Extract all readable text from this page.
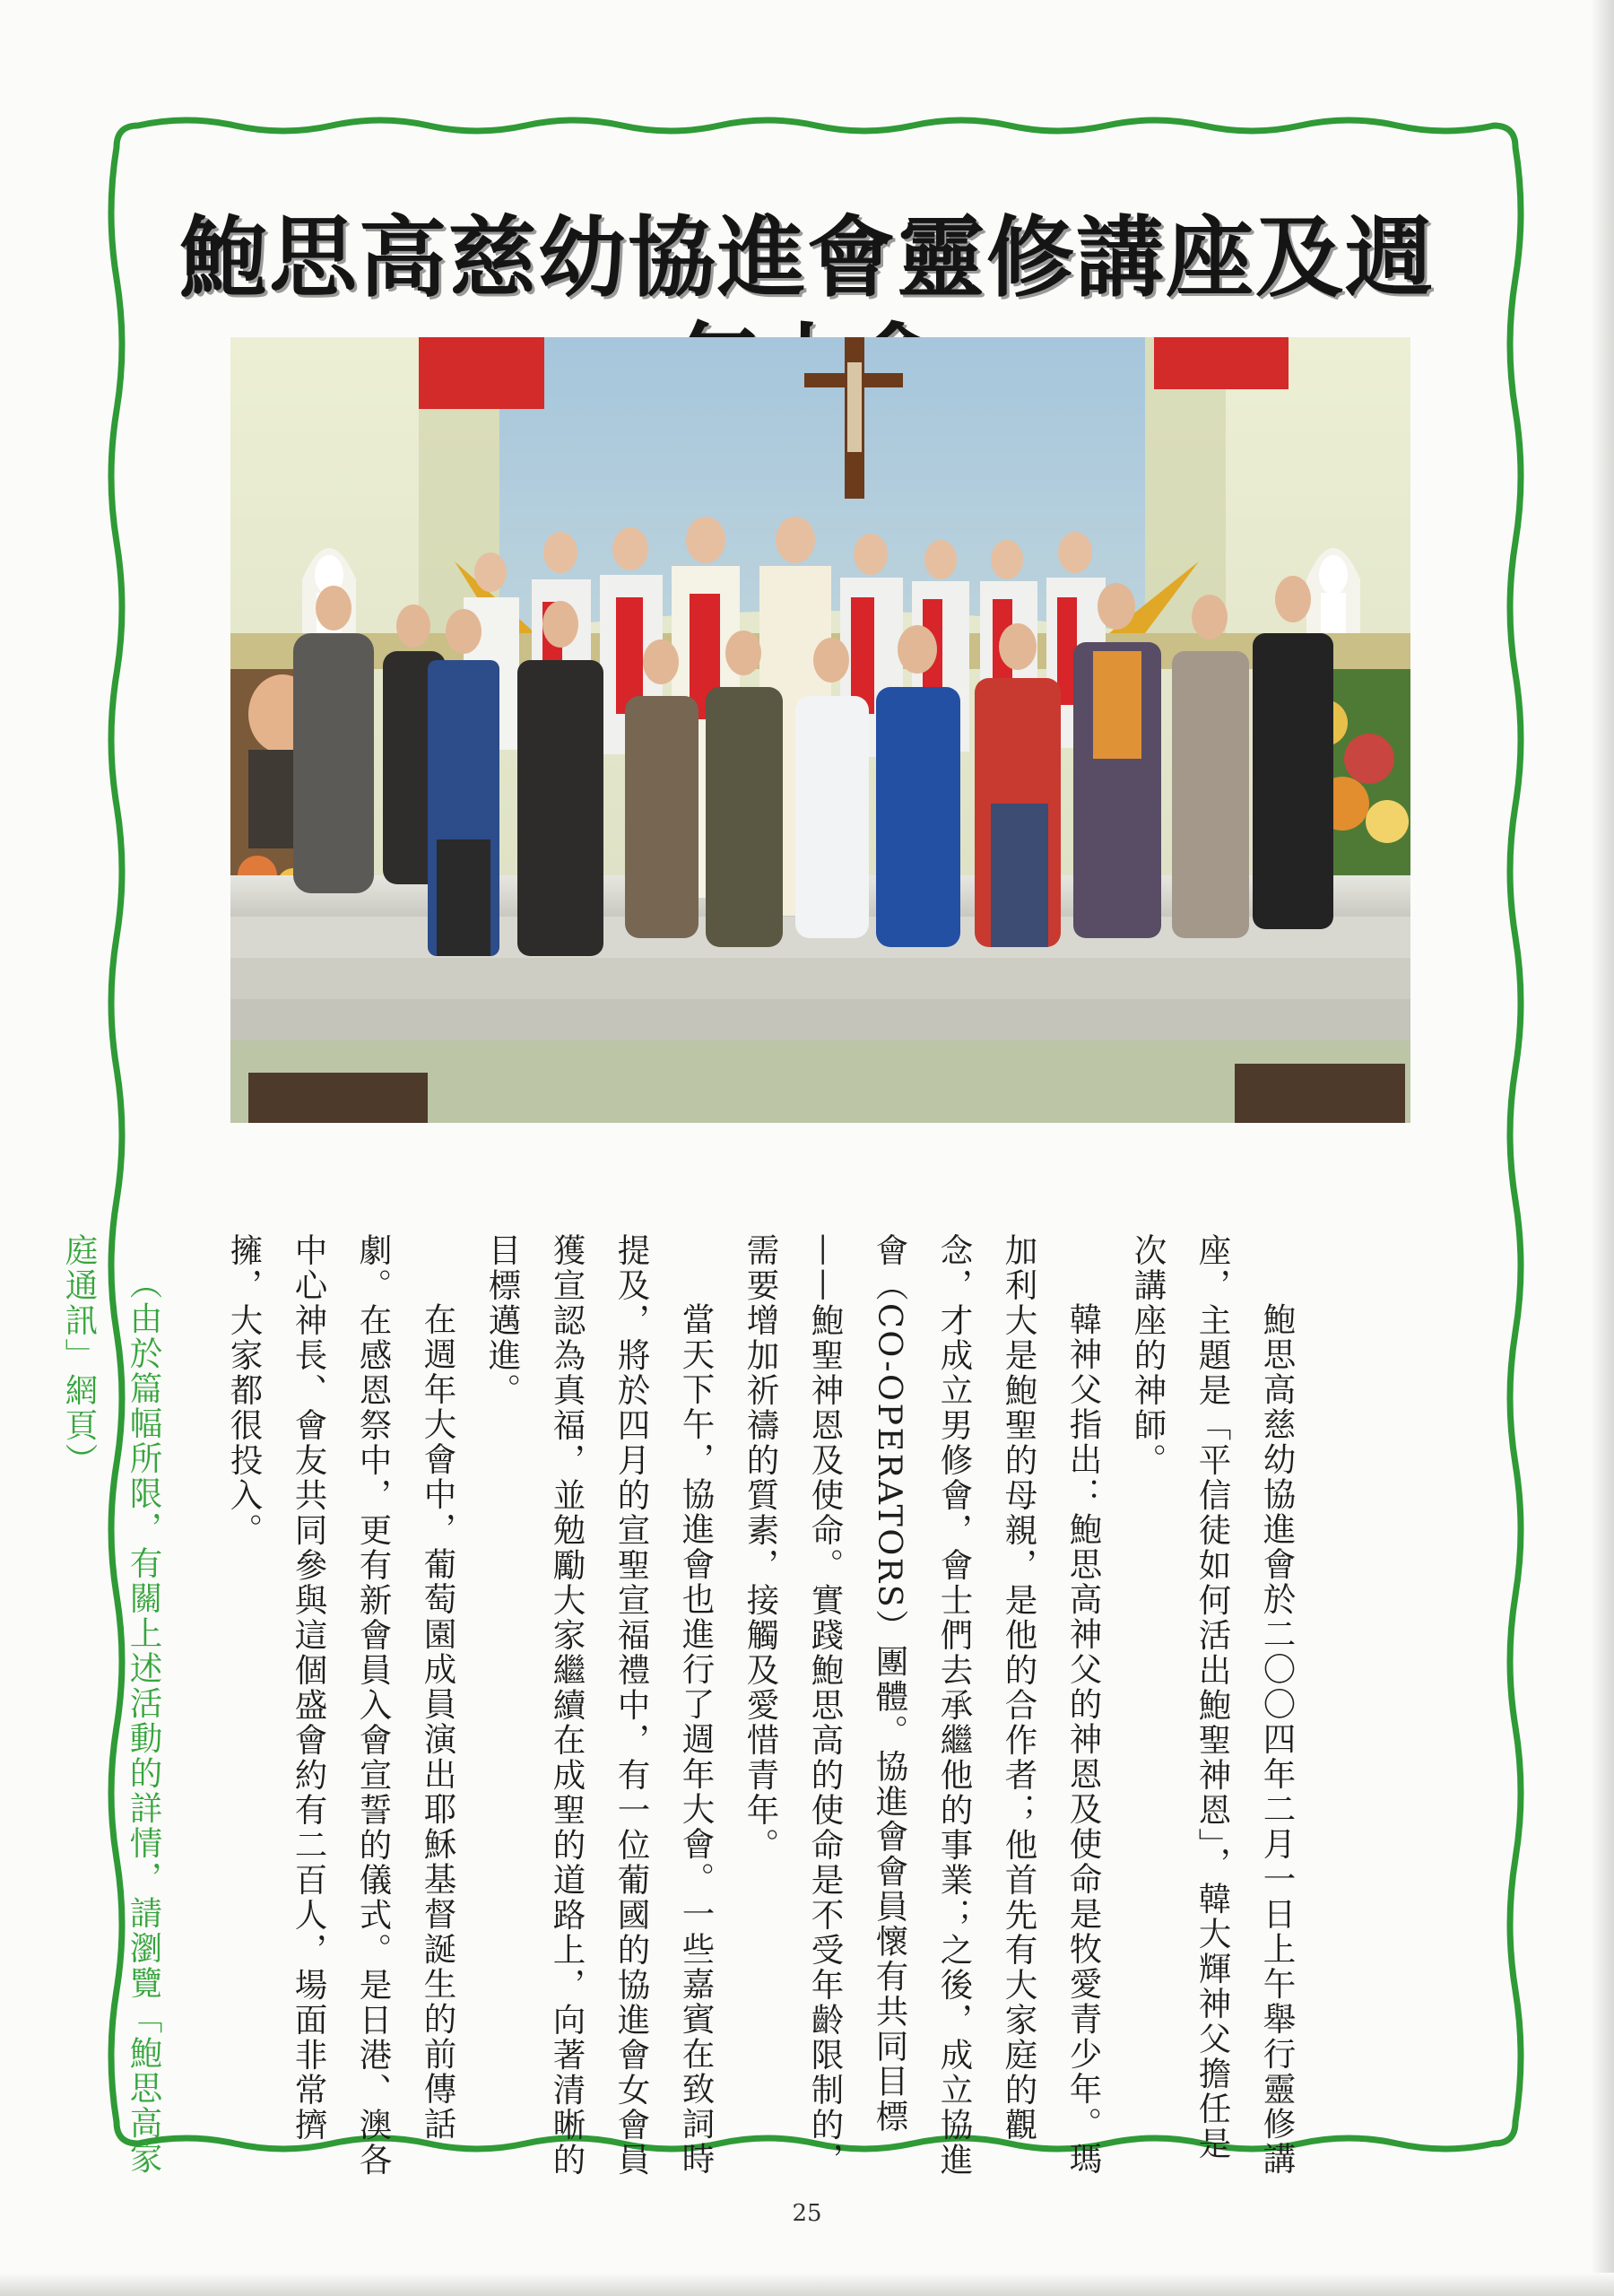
鮑思高慈幼協進會靈修講座及週

鮑思高慈幼協進會於二〇〇四年二月一日上午舉行靈修講座，主題是「平信徒如何活出鮑聖神恩」，韓大輝神父擔任是次講座的神師。

韓神父指出：鮑思高神父的神恩及使命是牧愛青少年。瑪加利大是鮑聖的母親，是他的合作者；他首先有大家庭的觀念，才成立男修會，會士們去承繼他的事業；之後，成立協進會（CO-OPERATORS）團體。協進會會員懷有共同目標——鮑聖神恩及使命。實踐鮑思高的使命是不受年齡限制的，需要增加祈禱的質素，接觸及愛惜青年。

當天下午，協進會也進行了週年大會。一些嘉賓在致詞時提及，將於四月的宣聖宣福禮中，有一位葡國的協進會女會員獲宣認為真福，並勉勵大家繼續在成聖的道路上，向著清晰的目標邁進。

在週年大會中，葡萄園成員演出耶穌基督誕生的前傳話劇。在感恩祭中，更有新會員入會宣誓的儀式。是日港、澳各中心神長、會友共同參與這個盛會約有二百人，場面非常擠擁，大家都很投入。

（由於篇幅所限，有關上述活動的詳情，請瀏覽「鮑思高家庭通訊」網頁）

25
